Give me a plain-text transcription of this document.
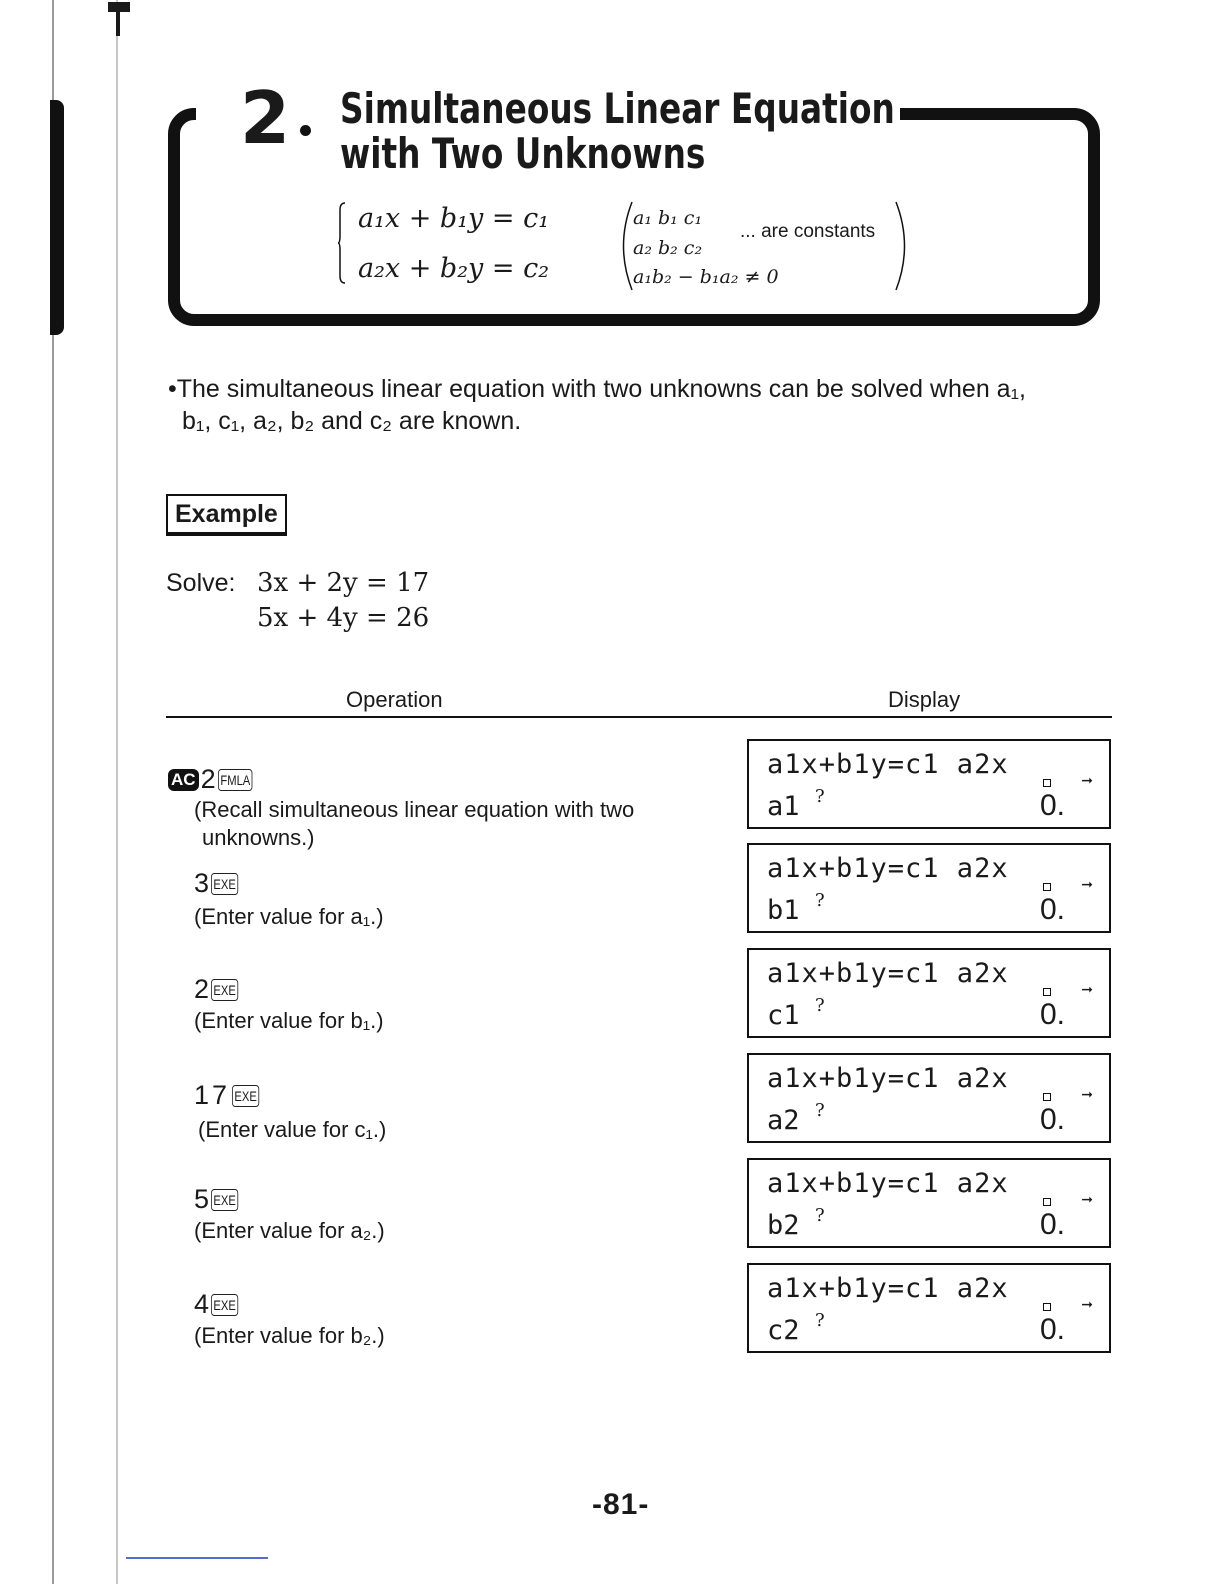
2 Simultaneous Linear Equation
with Two Unknowns
a₁x + b₁y = c₁
a₂x + b₂y = c₂
a₁ b₁ c₁
a₂ b₂ c₂
a₁b₂ − b₁a₂ ≠ 0
... are constants
•The simultaneous linear equation with two unknowns can be solved when a₁,
b₁, c₁, a₂, b₂ and c₂ are known.
Example
Solve: 3x + 2y = 17
5x + 4y = 26
Operation	Display
AC 2 FMLA
(Recall simultaneous linear equation with two
unknowns.)
a1x+b1y=c1 a2x	➞
a1 ?	0.
3 EXE
(Enter value for a₁.)
a1x+b1y=c1 a2x	➞
b1 ?	0.
2 EXE
(Enter value for b₁.)
a1x+b1y=c1 a2x	➞
c1 ?	0.
17 EXE
(Enter value for c₁.)
a1x+b1y=c1 a2x	➞
a2 ?	0.
5 EXE
(Enter value for a₂.)
a1x+b1y=c1 a2x	➞
b2 ?	0.
4 EXE
(Enter value for b₂.)
a1x+b1y=c1 a2x	➞
c2 ?	0.
-81-
